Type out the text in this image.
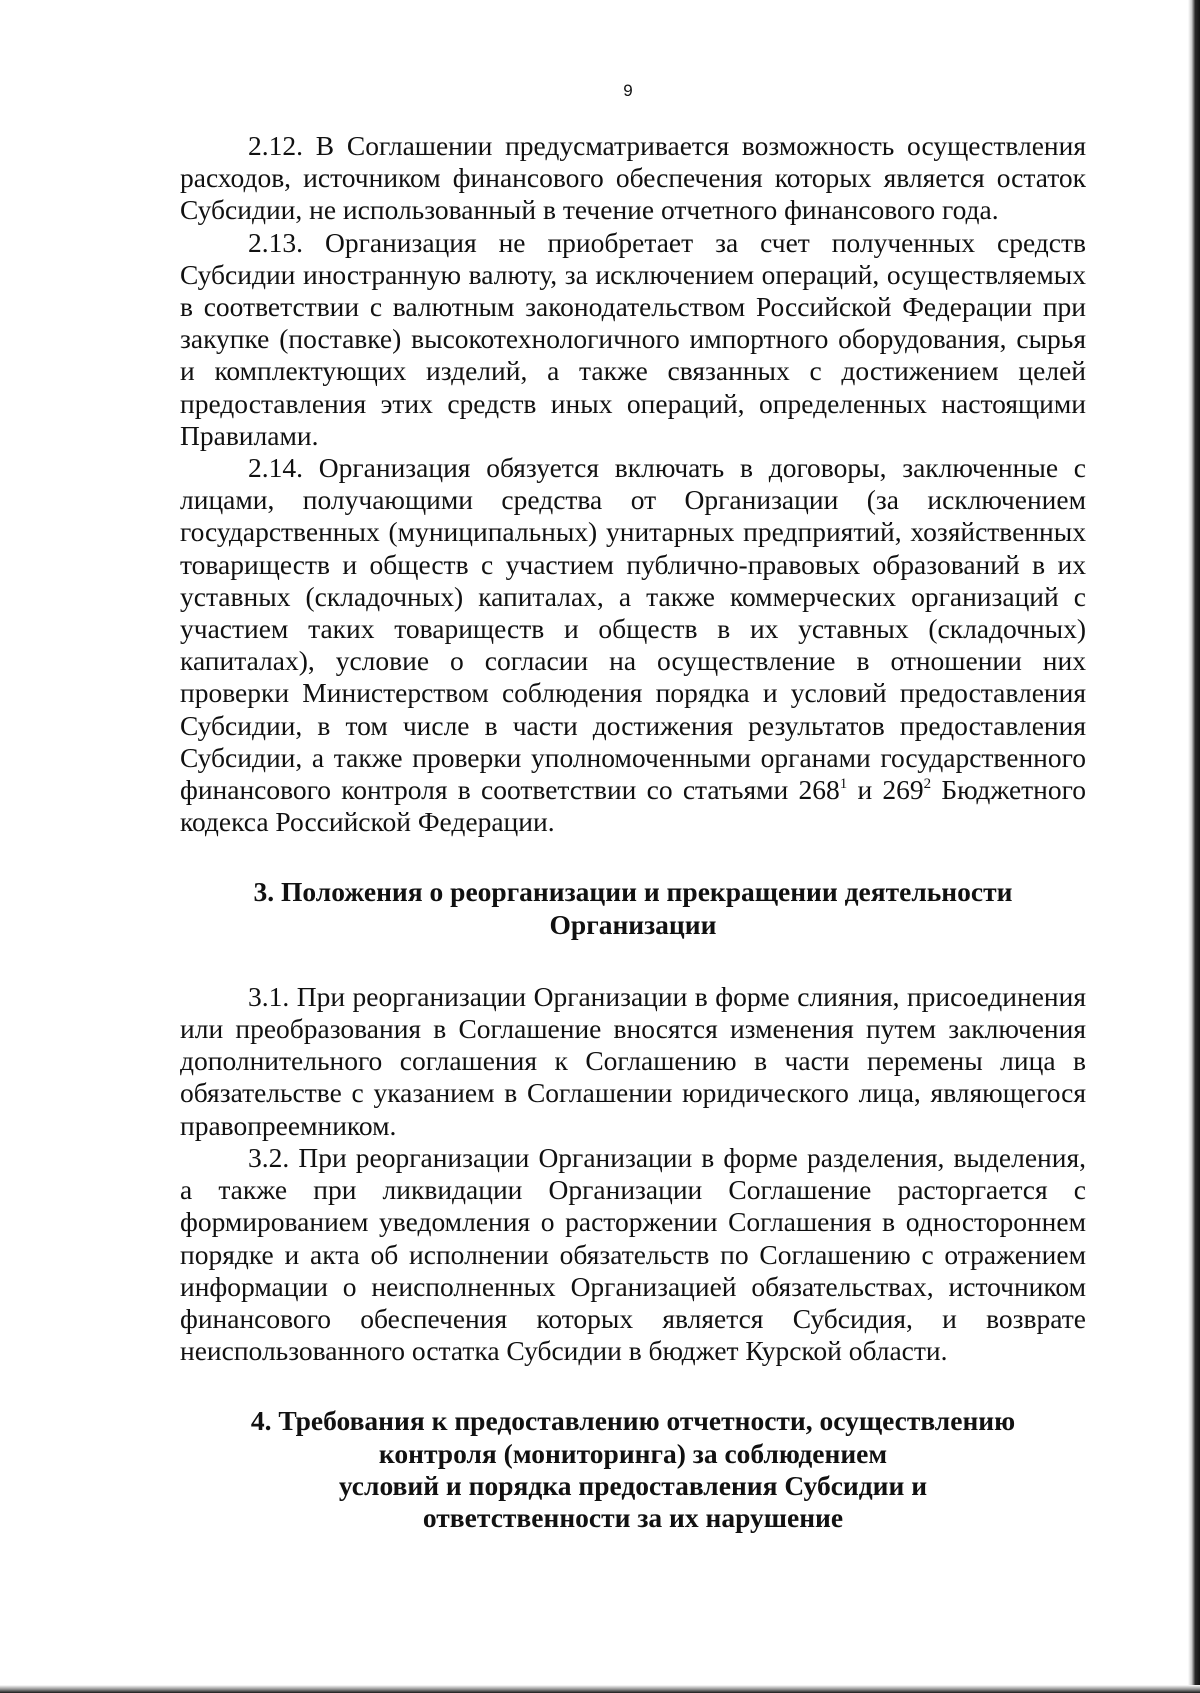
9

2.12. В Соглашении предусматривается возможность осуществления расходов, источником финансового обеспечения которых является остаток Субсидии, не использованный в течение отчетного финансового года.

2.13. Организация не приобретает за счет полученных средств Субсидии иностранную валюту, за исключением операций, осуществляемых в соответствии с валютным законодательством Российской Федерации при закупке (поставке) высокотехнологичного импортного оборудования, сырья и комплектующих изделий, а также связанных с достижением целей предоставления этих средств иных операций, определенных настоящими Правилами.

2.14. Организация обязуется включать в договоры, заключенные с лицами, получающими средства от Организации (за исключением государственных (муниципальных) унитарных предприятий, хозяйственных товариществ и обществ с участием публично-правовых образований в их уставных (складочных) капиталах, а также коммерческих организаций с участием таких товариществ и обществ в их уставных (складочных) капиталах), условие о согласии на осуществление в отношении них проверки Министерством соблюдения порядка и условий предоставления Субсидии, в том числе в части достижения результатов предоставления Субсидии, а также проверки уполномоченными органами государственного финансового контроля в соответствии со статьями $268^1$ и $269^2$ Бюджетного кодекса Российской Федерации.

3. Положения о реорганизации и прекращении деятельности
Организации

3.1. При реорганизации Организации в форме слияния, присоединения или преобразования в Соглашение вносятся изменения путем заключения дополнительного соглашения к Соглашению в части перемены лица в обязательстве с указанием в Соглашении юридического лица, являющегося правопреемником.

3.2. При реорганизации Организации в форме разделения, выделения, а также при ликвидации Организации Соглашение расторгается с формированием уведомления о расторжении Соглашения в одностороннем порядке и акта об исполнении обязательств по Соглашению с отражением информации о неисполненных Организацией обязательствах, источником финансового обеспечения которых является Субсидия, и возврате неиспользованного остатка Субсидии в бюджет Курской области.

4. Требования к предоставлению отчетности, осуществлению
контроля (мониторинга) за соблюдением
условий и порядка предоставления Субсидии и
ответственности за их нарушение
